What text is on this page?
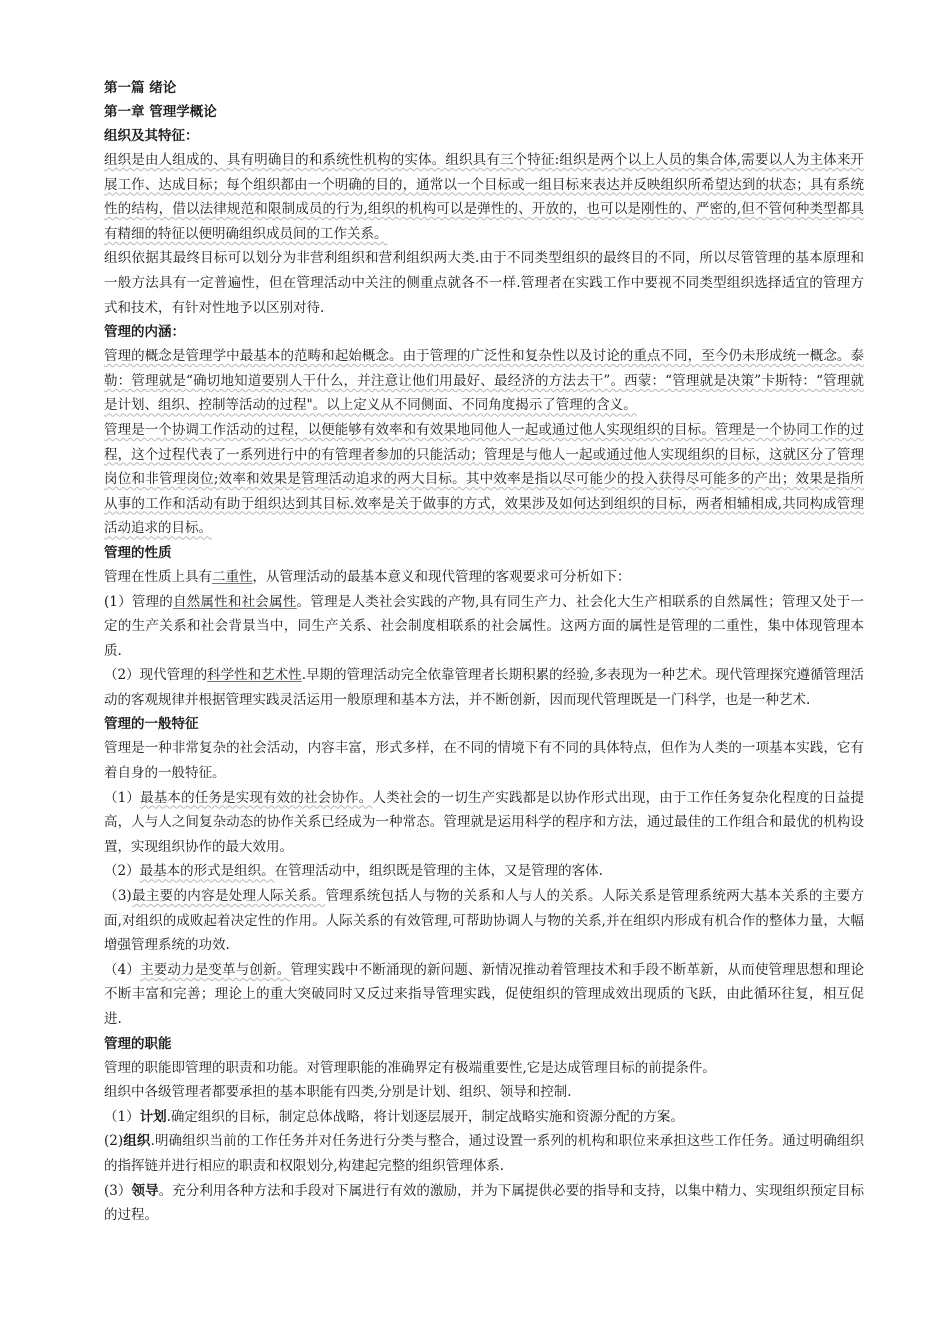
第一篇 绪论

第一章 管理学概论

组织及其特征：

组织是由人组成的、具有明确目的和系统性机构的实体。组织具有三个特征:组织是两个以上人员的集合体,需要以人为主体来开展工作、达成目标；每个组织都由一个明确的目的，通常以一个目标或一组目标来表达并反映组织所希望达到的状态；具有系统性的结构，借以法律规范和限制成员的行为,组织的机构可以是弹性的、开放的，也可以是刚性的、严密的,但不管何种类型都具有精细的特征以便明确组织成员间的工作关系。

组织依据其最终目标可以划分为非营利组织和营利组织两大类.由于不同类型组织的最终目的不同，所以尽管管理的基本原理和一般方法具有一定普遍性，但在管理活动中关注的侧重点就各不一样.管理者在实践工作中要视不同类型组织选择适宜的管理方式和技术，有针对性地予以区别对待.

管理的内涵：

管理的概念是管理学中最基本的范畴和起始概念。由于管理的广泛性和复杂性以及讨论的重点不同，至今仍未形成统一概念。泰勒：管理就是“确切地知道要别人干什么，并注意让他们用最好、最经济的方法去干”。西蒙：“管理就是决策”卡斯特：“管理就是计划、组织、控制等活动的过程"。以上定义从不同侧面、不同角度揭示了管理的含义。

管理是一个协调工作活动的过程，以便能够有效率和有效果地同他人一起或通过他人实现组织的目标。管理是一个协同工作的过程，这个过程代表了一系列进行中的有管理者参加的只能活动；管理是与他人一起或通过他人实现组织的目标，这就区分了管理岗位和非管理岗位;效率和效果是管理活动追求的两大目标。其中效率是指以尽可能少的投入获得尽可能多的产出；效果是指所从事的工作和活动有助于组织达到其目标.效率是关于做事的方式，效果涉及如何达到组织的目标，两者相辅相成,共同构成管理活动追求的目标。

管理的性质

管理在性质上具有二重性，从管理活动的最基本意义和现代管理的客观要求可分析如下：

(1）管理的自然属性和社会属性。管理是人类社会实践的产物,具有同生产力、社会化大生产相联系的自然属性；管理又处于一定的生产关系和社会背景当中，同生产关系、社会制度相联系的社会属性。这两方面的属性是管理的二重性，集中体现管理本质.

（2）现代管理的科学性和艺术性.早期的管理活动完全依靠管理者长期积累的经验,多表现为一种艺术。现代管理探究遵循管理活动的客观规律并根据管理实践灵活运用一般原理和基本方法，并不断创新，因而现代管理既是一门科学，也是一种艺术.

管理的一般特征

管理是一种非常复杂的社会活动，内容丰富，形式多样，在不同的情境下有不同的具体特点，但作为人类的一项基本实践，它有着自身的一般特征。

（1）最基本的任务是实现有效的社会协作。人类社会的一切生产实践都是以协作形式出现，由于工作任务复杂化程度的日益提高，人与人之间复杂动态的协作关系已经成为一种常态。管理就是运用科学的程序和方法，通过最佳的工作组合和最优的机构设置，实现组织协作的最大效用。

（2）最基本的形式是组织。在管理活动中，组织既是管理的主体，又是管理的客体.

（3)最主要的内容是处理人际关系。管理系统包括人与物的关系和人与人的关系。人际关系是管理系统两大基本关系的主要方面,对组织的成败起着决定性的作用。人际关系的有效管理,可帮助协调人与物的关系,并在组织内形成有机合作的整体力量，大幅增强管理系统的功效.

（4）主要动力是变革与创新。管理实践中不断涌现的新问题、新情况推动着管理技术和手段不断革新，从而使管理思想和理论不断丰富和完善；理论上的重大突破同时又反过来指导管理实践，促使组织的管理成效出现质的飞跃，由此循环往复，相互促进.

管理的职能

管理的职能即管理的职责和功能。对管理职能的准确界定有极端重要性,它是达成管理目标的前提条件。

组织中各级管理者都要承担的基本职能有四类,分别是计划、组织、领导和控制.

（1）计划.确定组织的目标，制定总体战略，将计划逐层展开，制定战略实施和资源分配的方案。

(2)组织.明确组织当前的工作任务并对任务进行分类与整合，通过设置一系列的机构和职位来承担这些工作任务。通过明确组织的指挥链并进行相应的职责和权限划分,构建起完整的组织管理体系.

(3）领导。充分利用各种方法和手段对下属进行有效的激励，并为下属提供必要的指导和支持，以集中精力、实现组织预定目标的过程。
